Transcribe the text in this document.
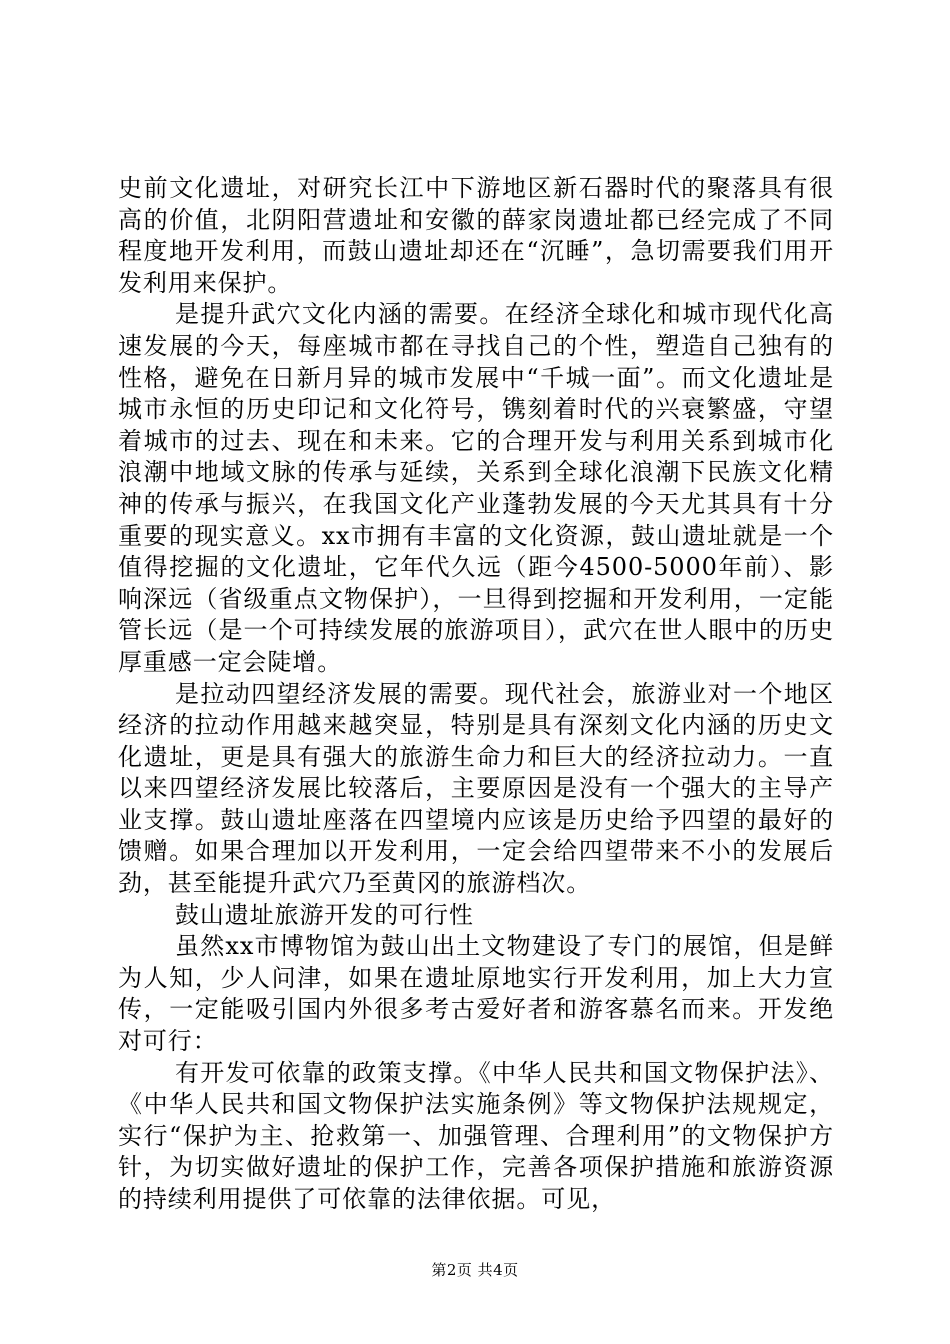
史前文化遗址，对研究长江中下游地区新石器时代的聚落具有很高的价值，北阴阳营遗址和安徽的薛家岗遗址都已经完成了不同程度地开发利用，而鼓山遗址却还在“沉睡”，急切需要我们用开发利用来保护。

是提升武穴文化内涵的需要。在经济全球化和城市现代化高速发展的今天，每座城市都在寻找自己的个性，塑造自己独有的性格，避免在日新月异的城市发展中“千城一面”。而文化遗址是城市永恒的历史印记和文化符号，镌刻着时代的兴衰繁盛，守望着城市的过去、现在和未来。它的合理开发与利用关系到城市化浪潮中地域文脉的传承与延续，关系到全球化浪潮下民族文化精神的传承与振兴，在我国文化产业蓬勃发展的今天尤其具有十分重要的现实意义。xx市拥有丰富的文化资源，鼓山遗址就是一个值得挖掘的文化遗址，它年代久远（距今4500-5000年前）、影响深远（省级重点文物保护），一旦得到挖掘和开发利用，一定能管长远（是一个可持续发展的旅游项目），武穴在世人眼中的历史厚重感一定会陡增。

是拉动四望经济发展的需要。现代社会，旅游业对一个地区经济的拉动作用越来越突显，特别是具有深刻文化内涵的历史文化遗址，更是具有强大的旅游生命力和巨大的经济拉动力。一直以来四望经济发展比较落后，主要原因是没有一个强大的主导产业支撑。鼓山遗址座落在四望境内应该是历史给予四望的最好的馈赠。如果合理加以开发利用，一定会给四望带来不小的发展后劲，甚至能提升武穴乃至黄冈的旅游档次。

鼓山遗址旅游开发的可行性

虽然xx市博物馆为鼓山出土文物建设了专门的展馆，但是鲜为人知，少人问津，如果在遗址原地实行开发利用，加上大力宣传，一定能吸引国内外很多考古爱好者和游客慕名而来。开发绝对可行：

有开发可依靠的政策支撑。《中华人民共和国文物保护法》、《中华人民共和国文物保护法实施条例》等文物保护法规规定，实行“保护为主、抢救第一、加强管理、合理利用”的文物保护方针，为切实做好遗址的保护工作，完善各项保护措施和旅游资源的持续利用提供了可依靠的法律依据。可见，

第2页 共4页
